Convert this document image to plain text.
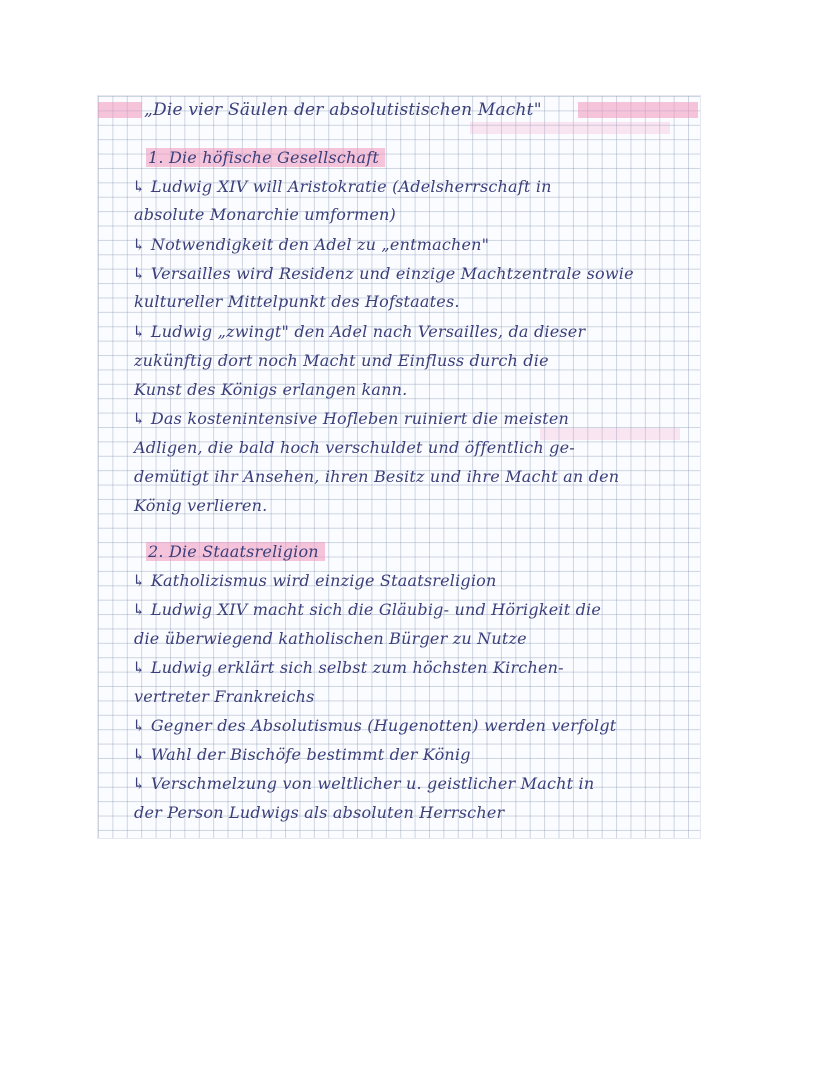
„Die vier Säulen der absolutistischen Macht"
1. Die höfische Gesellschaft
↳ Ludwig XIV will Aristokratie (Adelsherrschaft in
absolute Monarchie umformen)
↳ Notwendigkeit den Adel zu „entmachen"
↳ Versailles wird Residenz und einzige Machtzentrale sowie
kultureller Mittelpunkt des Hofstaates.
↳ Ludwig „zwingt" den Adel nach Versailles, da dieser
zukünftig dort noch Macht und Einfluss durch die
Kunst des Königs erlangen kann.
↳ Das kostenintensive Hofleben ruiniert die meisten
Adligen, die bald hoch verschuldet und öffentlich ge-
demütigt ihr Ansehen, ihren Besitz und ihre Macht an den
König verlieren.
2. Die Staatsreligion
↳ Katholizismus wird einzige Staatsreligion
↳ Ludwig XIV macht sich die Gläubig- und Hörigkeit die
die überwiegend katholischen Bürger zu Nutze
↳ Ludwig erklärt sich selbst zum höchsten Kirchen-
vertreter Frankreichs
↳ Gegner des Absolutismus (Hugenotten) werden verfolgt
↳ Wahl der Bischöfe bestimmt der König
↳ Verschmelzung von weltlicher u. geistlicher Macht in
der Person Ludwigs als absoluten Herrscher
